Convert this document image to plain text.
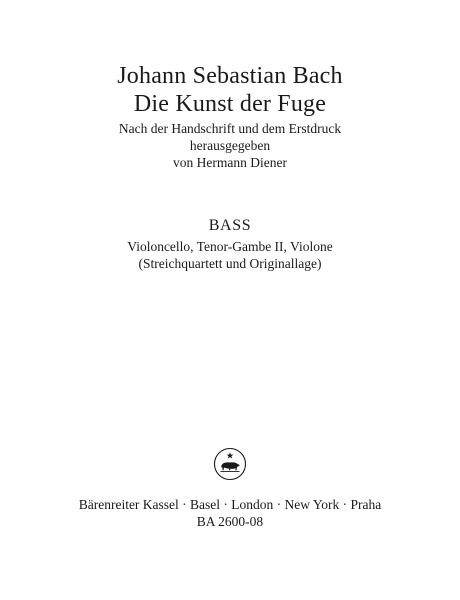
Johann Sebastian Bach
Die Kunst der Fuge
Nach der Handschrift und dem Erstdruck
herausgegeben
von Hermann Diener
BASS
Violoncello, Tenor-Gambe II, Violone
(Streichquartett und Originallage)
Bärenreiter Kassel · Basel · London · New York · Praha
BA 2600-08
